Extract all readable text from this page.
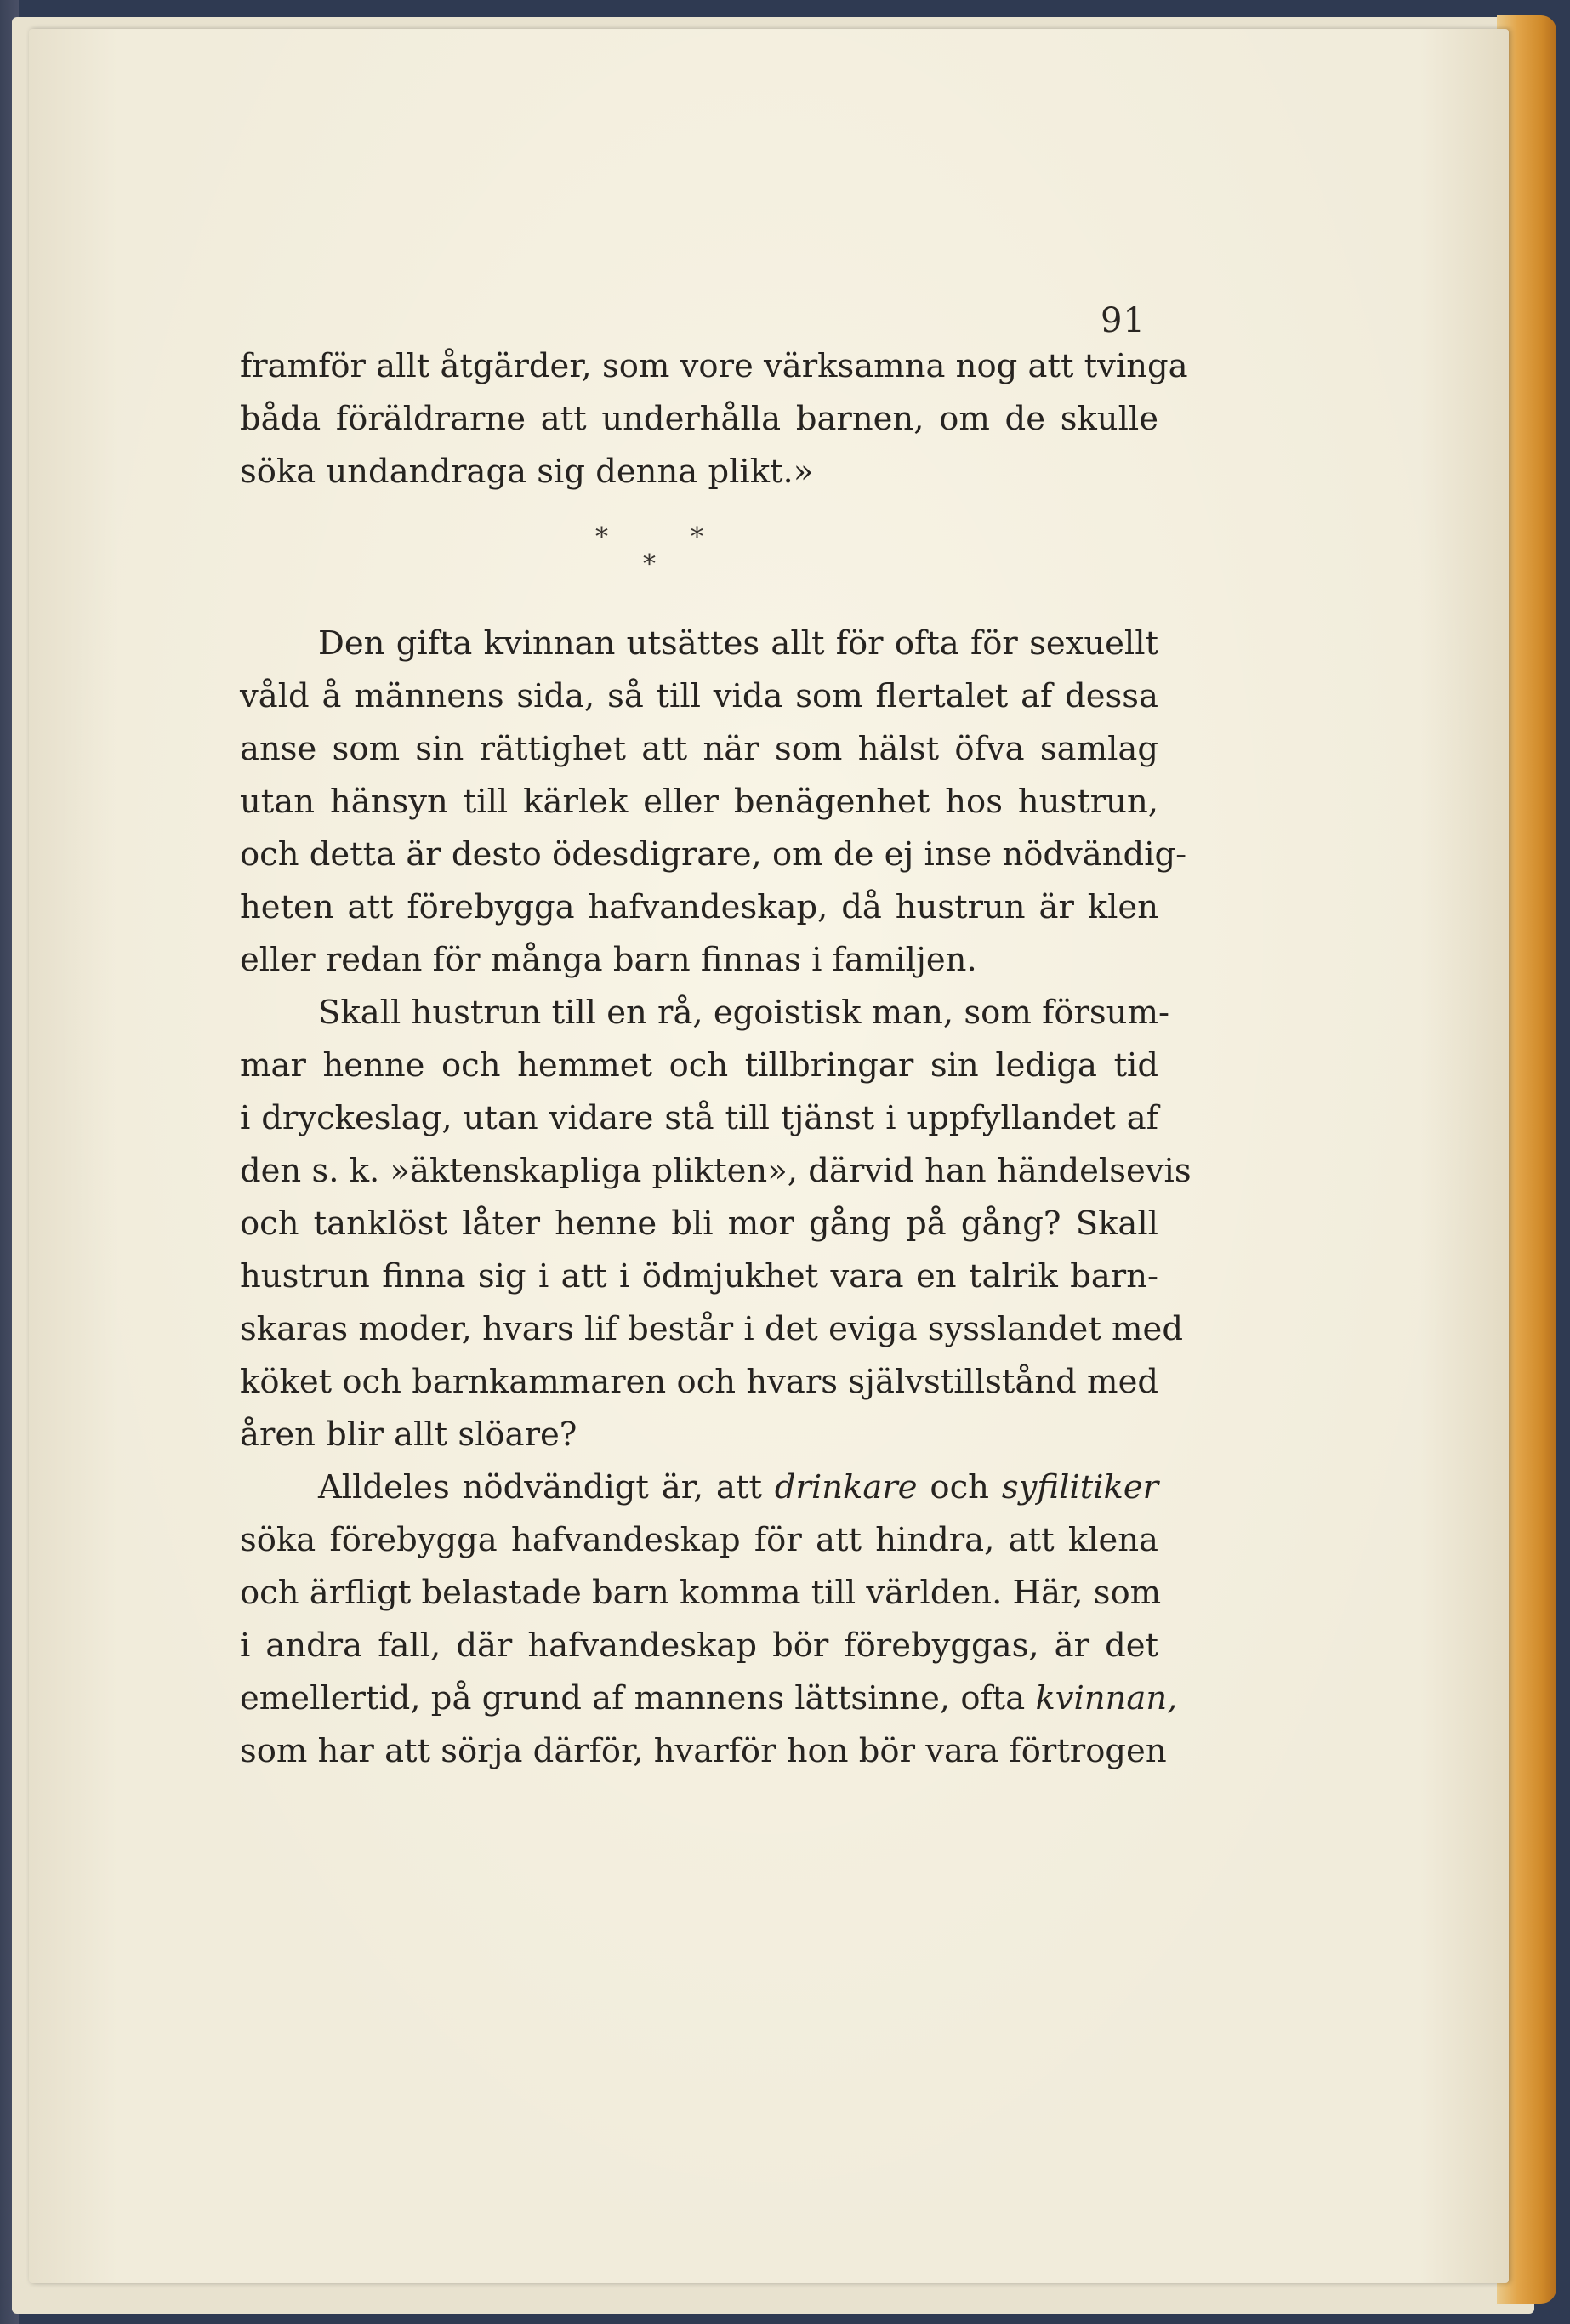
91
framför allt åtgärder, som vore värksamna nog att tvinga
båda föräldrarne att underhålla barnen, om de skulle
söka undandraga sig denna plikt.»
*	*
*
Den gifta kvinnan utsättes allt för ofta för sexuellt
våld å männens sida, så till vida som flertalet af dessa
anse som sin rättighet att när som hälst öfva samlag
utan hänsyn till kärlek eller benägenhet hos hustrun,
och detta är desto ödesdigrare, om de ej inse nödvändig-
heten att förebygga hafvandeskap, då hustrun är klen
eller redan för många barn finnas i familjen.
Skall hustrun till en rå, egoistisk man, som försum-
mar henne och hemmet och tillbringar sin lediga tid
i dryckeslag, utan vidare stå till tjänst i uppfyllandet af
den s. k. »äktenskapliga plikten», därvid han händelsevis
och tanklöst låter henne bli mor gång på gång? Skall
hustrun finna sig i att i ödmjukhet vara en talrik barn-
skaras moder, hvars lif består i det eviga sysslandet med
köket och barnkammaren och hvars självstillstånd med
åren blir allt slöare?
Alldeles nödvändigt är, att drinkare och syfilitiker
söka förebygga hafvandeskap för att hindra, att klena
och ärfligt belastade barn komma till världen. Här, som
i andra fall, där hafvandeskap bör förebyggas, är det
emellertid, på grund af mannens lättsinne, ofta kvinnan,
som har att sörja därför, hvarför hon bör vara förtrogen
